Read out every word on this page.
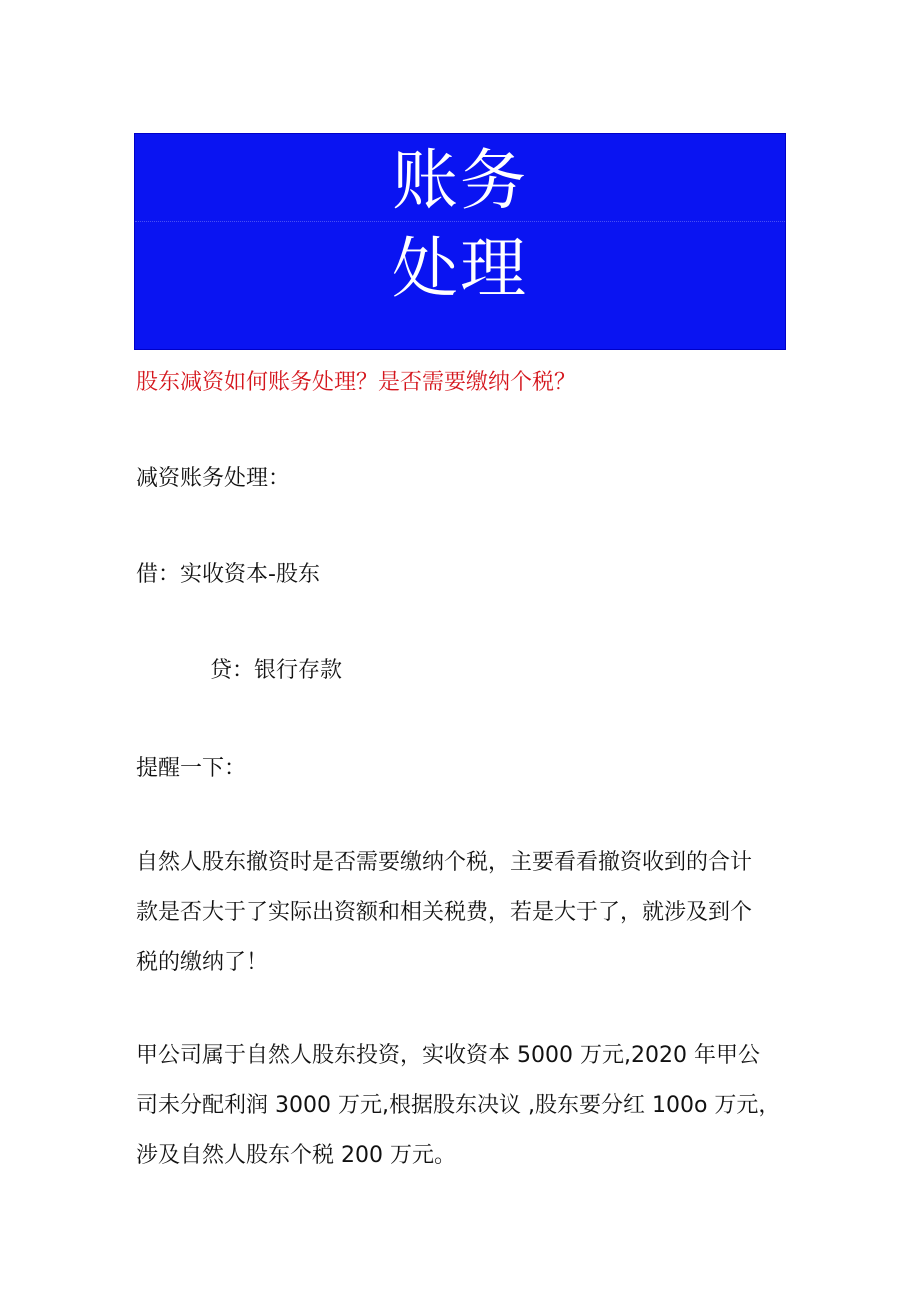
账务
处理
股东减资如何账务处理？是否需要缴纳个税？
减资账务处理：
借：实收资本-股东
贷：银行存款
提醒一下：
自然人股东撤资时是否需要缴纳个税，主要看看撤资收到的合计
款是否大于了实际出资额和相关税费，若是大于了，就涉及到个
税的缴纳了！
甲公司属于自然人股东投资，实收资本 5000 万元,2020 年甲公
司未分配利润 3000 万元,根据股东决议 ,股东要分红 100o 万元，
涉及自然人股东个税 200 万元。
